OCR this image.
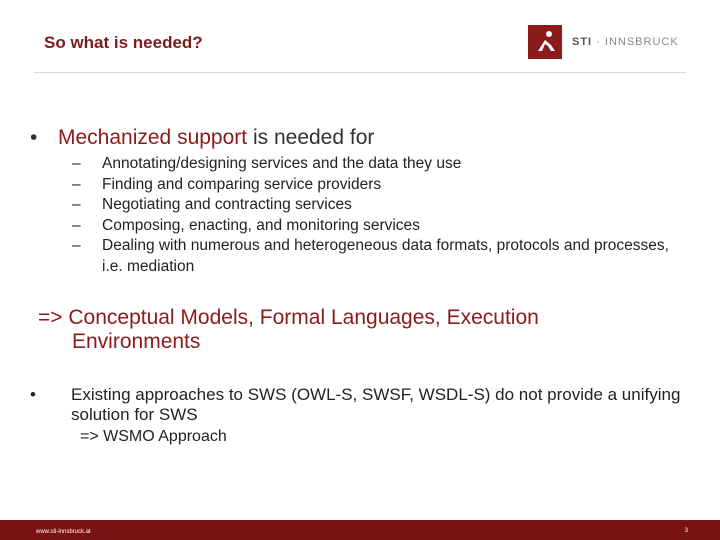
So what is needed?	STI · INNSBRUCK
• Mechanized support is needed for
–	Annotating/designing services and the data they use
–	Finding and comparing service providers
–	Negotiating and contracting services
–	Composing, enacting, and monitoring services
–	Dealing with numerous and heterogeneous data formats, protocols and processes, i.e. mediation
=> Conceptual Models, Formal Languages, Execution
Environments
•	Existing approaches to SWS (OWL-S, SWSF, WSDL-S) do not provide a unifying solution for SWS
=> WSMO Approach
www.sti-innsbruck.at	3
